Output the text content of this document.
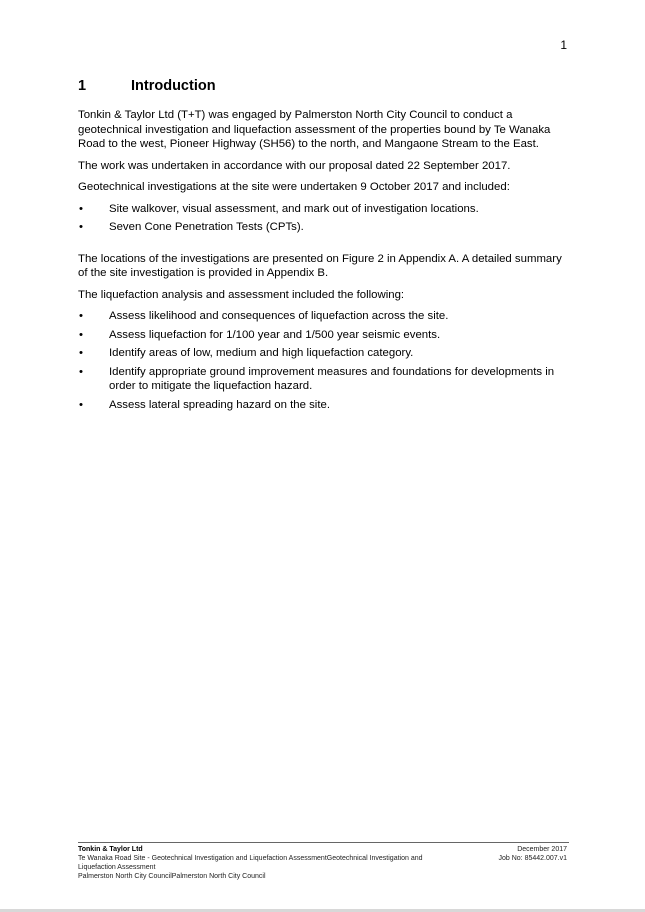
1
1	Introduction

Tonkin & Taylor Ltd (T+T) was engaged by Palmerston North City Council to conduct a geotechnical investigation and liquefaction assessment of the properties bound by Te Wanaka Road to the west, Pioneer Highway (SH56) to the north, and Mangaone Stream to the East.

The work was undertaken in accordance with our proposal dated 22 September 2017.

Geotechnical investigations at the site were undertaken 9 October 2017 and included:

• Site walkover, visual assessment, and mark out of investigation locations.
• Seven Cone Penetration Tests (CPTs).

The locations of the investigations are presented on Figure 2 in Appendix A. A detailed summary of the site investigation is provided in Appendix B.

The liquefaction analysis and assessment included the following:

• Assess likelihood and consequences of liquefaction across the site.
• Assess liquefaction for 1/100 year and 1/500 year seismic events.
• Identify areas of low, medium and high liquefaction category.
• Identify appropriate ground improvement measures and foundations for developments in order to mitigate the liquefaction hazard.
• Assess lateral spreading hazard on the site.
Tonkin & Taylor Ltd
Te Wanaka Road Site - Geotechnical Investigation and Liquefaction AssessmentGeotechnical Investigation and
Liquefaction Assessment
Palmerston North City CouncilPalmerston North City Council
December 2017
Job No: 85442.007.v1
